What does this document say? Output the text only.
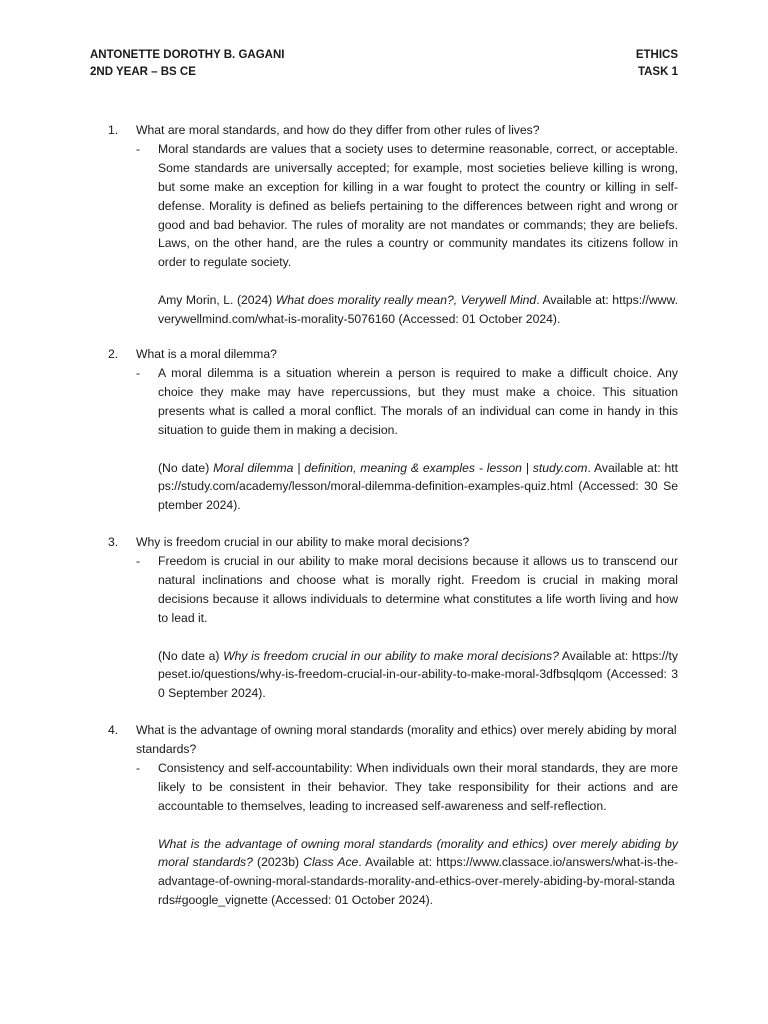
ANTONETTE DOROTHY B. GAGANI
2ND YEAR – BS CE
ETHICS
TASK 1
1.	What are moral standards, and how do they differ from other rules of lives?
-	Moral standards are values that a society uses to determine reasonable, correct, or acceptable. Some standards are universally accepted; for example, most societies believe killing is wrong, but some make an exception for killing in a war fought to protect the country or killing in self-defense. Morality is defined as beliefs pertaining to the differences between right and wrong or good and bad behavior. The rules of morality are not mandates or commands; they are beliefs. Laws, on the other hand, are the rules a country or community mandates its citizens follow in order to regulate society.
Amy Morin, L. (2024) What does morality really mean?, Verywell Mind. Available at: https://www.verywellmind.com/what-is-morality-5076160 (Accessed: 01 October 2024).
2.	What is a moral dilemma?
-	A moral dilemma is a situation wherein a person is required to make a difficult choice. Any choice they make may have repercussions, but they must make a choice. This situation presents what is called a moral conflict. The morals of an individual can come in handy in this situation to guide them in making a decision.
(No date) Moral dilemma | definition, meaning & examples - lesson | study.com. Available at: https://study.com/academy/lesson/moral-dilemma-definition-examples-quiz.html (Accessed: 30 September 2024).
3.	Why is freedom crucial in our ability to make moral decisions?
-	Freedom is crucial in our ability to make moral decisions because it allows us to transcend our natural inclinations and choose what is morally right. Freedom is crucial in making moral decisions because it allows individuals to determine what constitutes a life worth living and how to lead it.
(No date a) Why is freedom crucial in our ability to make moral decisions? Available at: https://typeset.io/questions/why-is-freedom-crucial-in-our-ability-to-make-moral-3dfbsqlqom (Accessed: 30 September 2024).
4.	What is the advantage of owning moral standards (morality and ethics) over merely abiding by moral standards?
-	Consistency and self-accountability: When individuals own their moral standards, they are more likely to be consistent in their behavior. They take responsibility for their actions and are accountable to themselves, leading to increased self-awareness and self-reflection.
What is the advantage of owning moral standards (morality and ethics) over merely abiding by moral standards? (2023b) Class Ace. Available at: https://www.classace.io/answers/what-is-the-advantage-of-owning-moral-standards-morality-and-ethics-over-merely-abiding-by-moral-standards#google_vignette (Accessed: 01 October 2024).
